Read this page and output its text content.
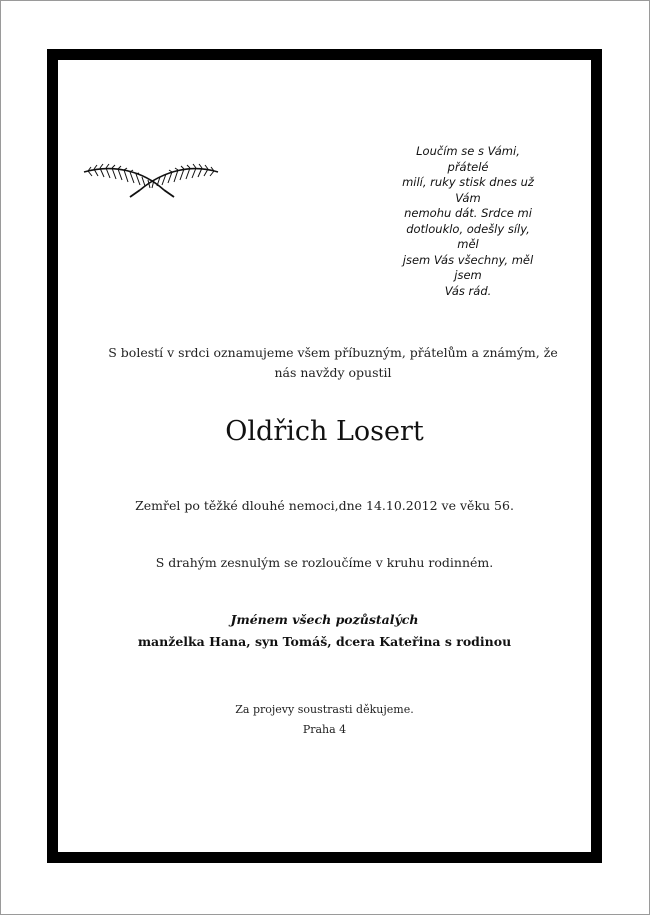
Loučím se s Vámi, přátelé
milí, ruky stisk dnes už Vám
nemohu dát. Srdce mi
dotlouklo, odešly síly, měl
jsem Vás všechny, měl jsem
Vás rád.
S bolestí v srdci oznamujeme všem příbuzným, přátelům a známým, že nás navždy opustil
Oldřich Losert
Zemřel po těžké dlouhé nemoci,dne 14.10.2012 ve věku 56.
S drahým zesnulým se rozloučíme v kruhu rodinném.
Jménem všech pozůstalých
manželka Hana, syn Tomáš, dcera Kateřina s rodinou
Za projevy soustrasti děkujeme.
Praha 4
